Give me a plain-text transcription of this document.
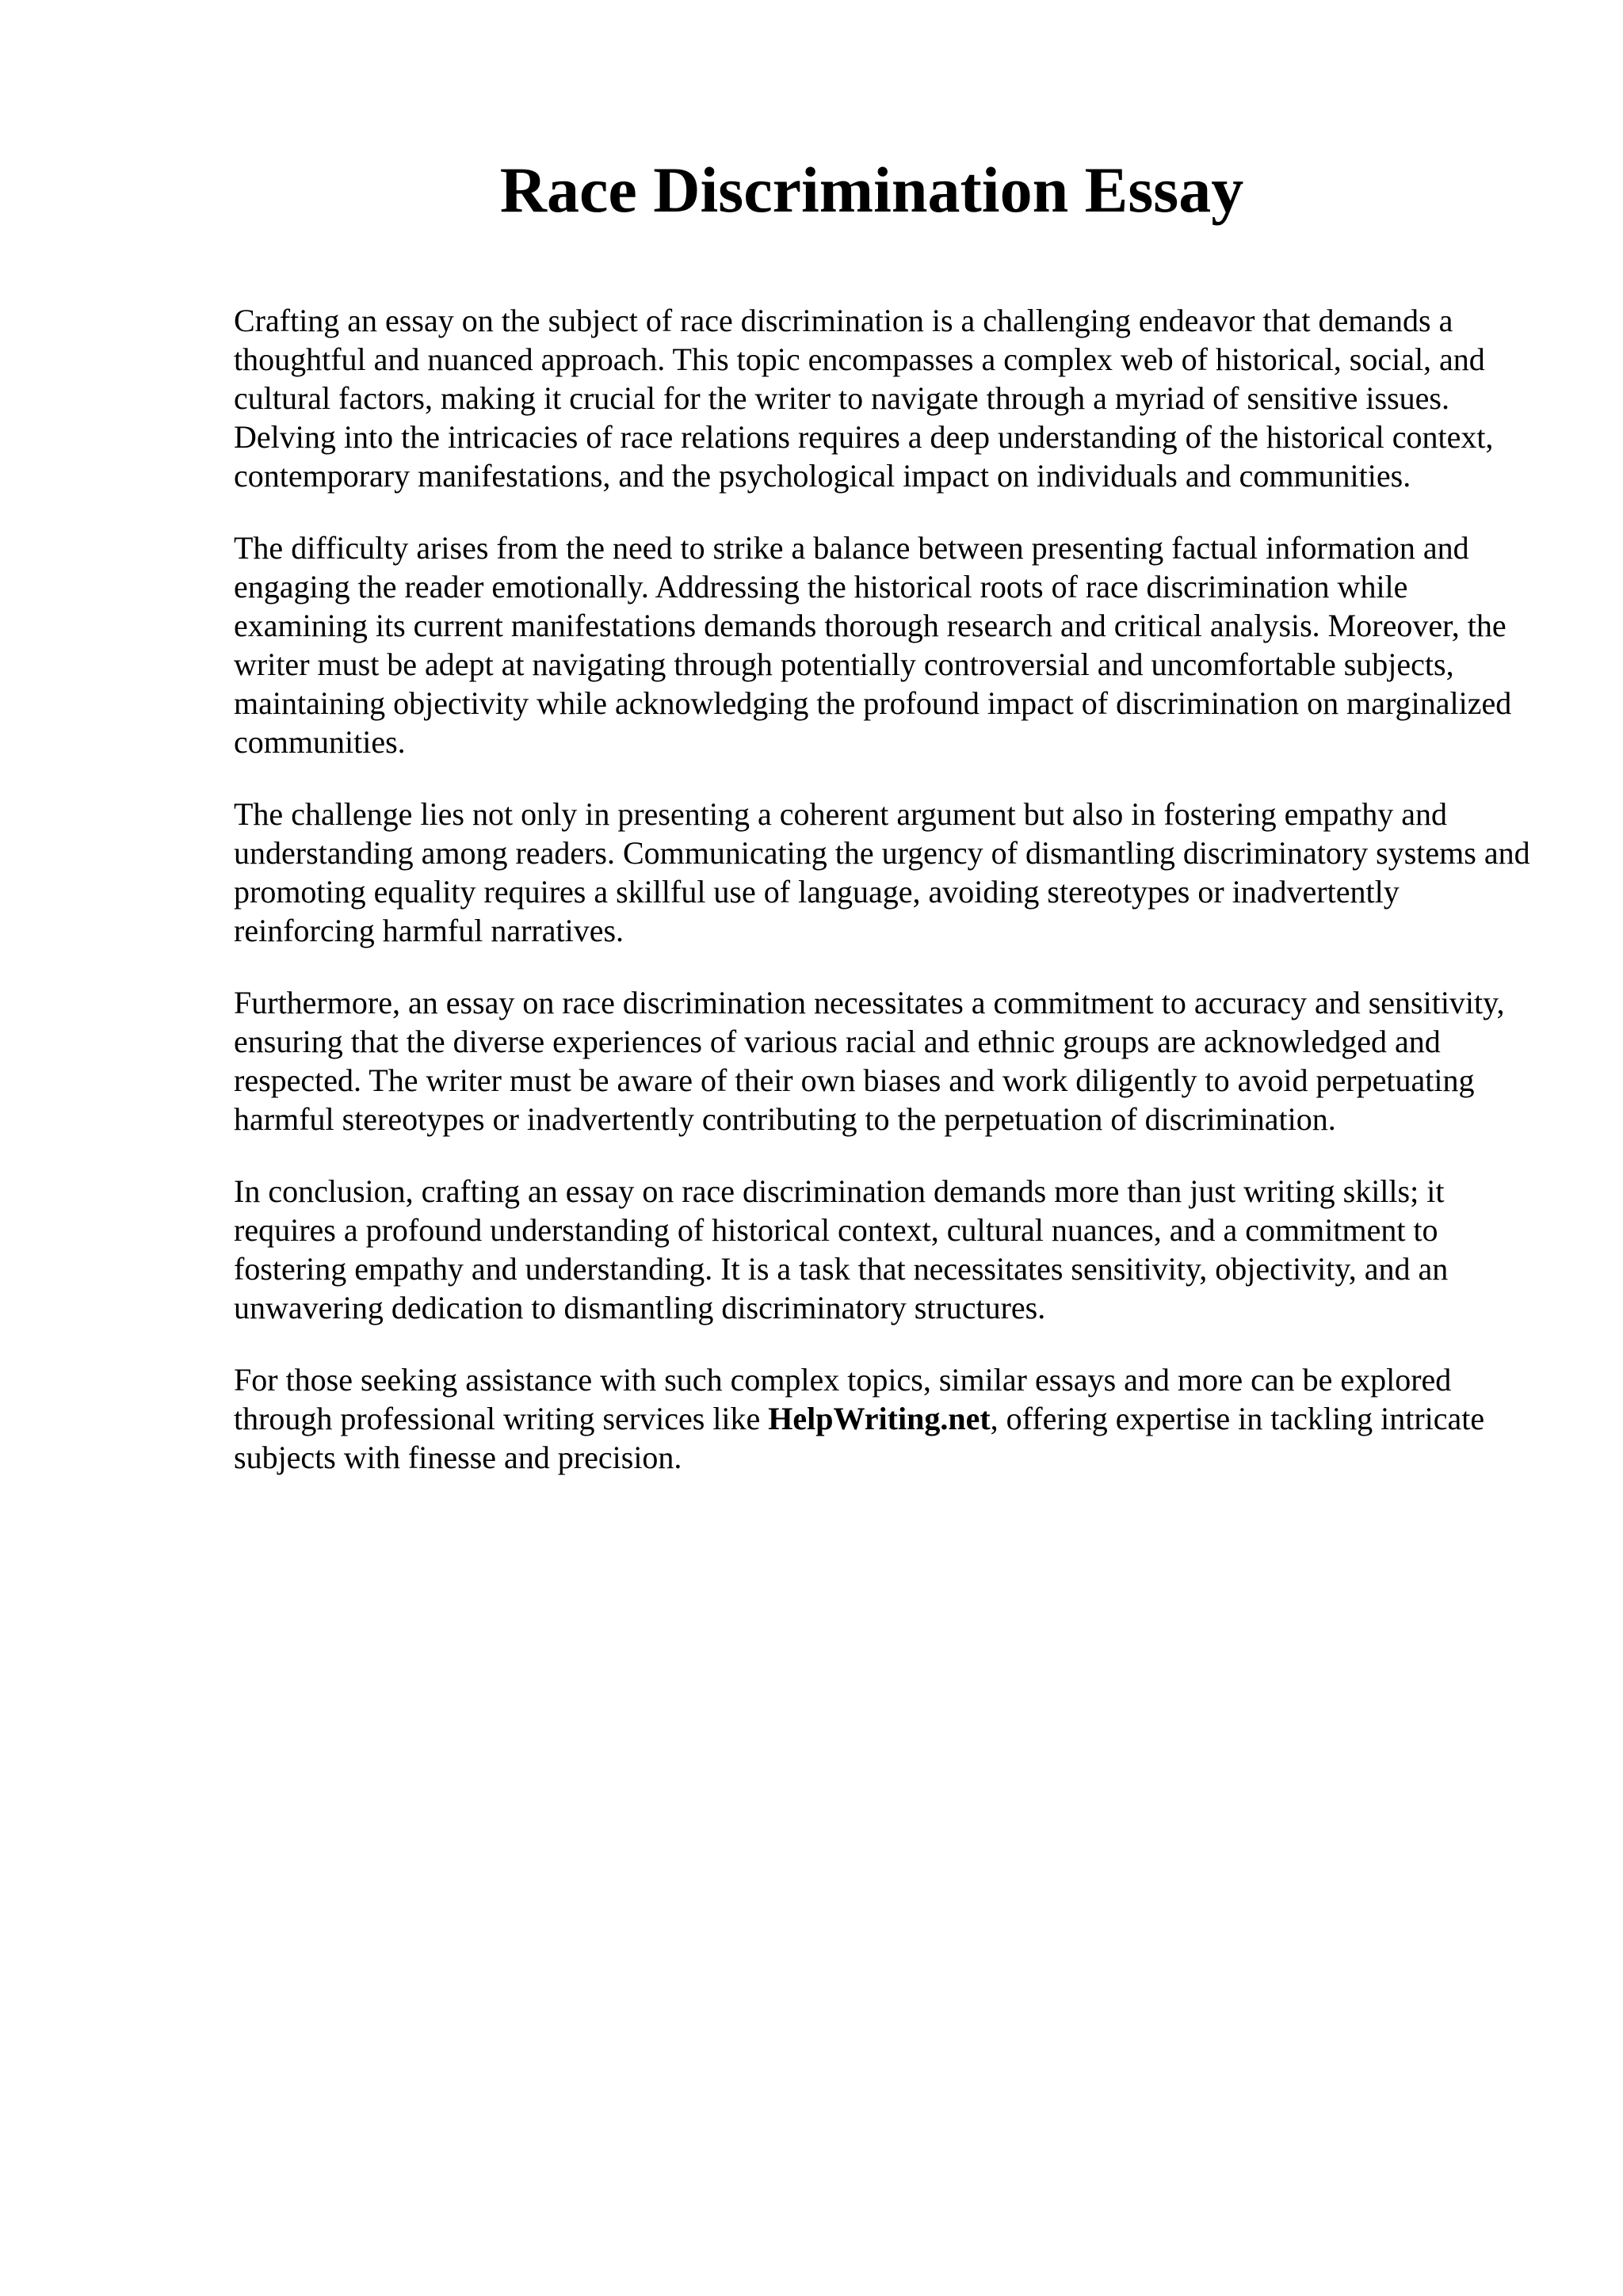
Race Discrimination Essay

Crafting an essay on the subject of race discrimination is a challenging endeavor that demands a thoughtful and nuanced approach. This topic encompasses a complex web of historical, social, and cultural factors, making it crucial for the writer to navigate through a myriad of sensitive issues. Delving into the intricacies of race relations requires a deep understanding of the historical context, contemporary manifestations, and the psychological impact on individuals and communities.

The difficulty arises from the need to strike a balance between presenting factual information and engaging the reader emotionally. Addressing the historical roots of race discrimination while examining its current manifestations demands thorough research and critical analysis. Moreover, the writer must be adept at navigating through potentially controversial and uncomfortable subjects, maintaining objectivity while acknowledging the profound impact of discrimination on marginalized communities.

The challenge lies not only in presenting a coherent argument but also in fostering empathy and understanding among readers. Communicating the urgency of dismantling discriminatory systems and promoting equality requires a skillful use of language, avoiding stereotypes or inadvertently reinforcing harmful narratives.

Furthermore, an essay on race discrimination necessitates a commitment to accuracy and sensitivity, ensuring that the diverse experiences of various racial and ethnic groups are acknowledged and respected. The writer must be aware of their own biases and work diligently to avoid perpetuating harmful stereotypes or inadvertently contributing to the perpetuation of discrimination.

In conclusion, crafting an essay on race discrimination demands more than just writing skills; it requires a profound understanding of historical context, cultural nuances, and a commitment to fostering empathy and understanding. It is a task that necessitates sensitivity, objectivity, and an unwavering dedication to dismantling discriminatory structures.

For those seeking assistance with such complex topics, similar essays and more can be explored through professional writing services like HelpWriting.net, offering expertise in tackling intricate subjects with finesse and precision.
